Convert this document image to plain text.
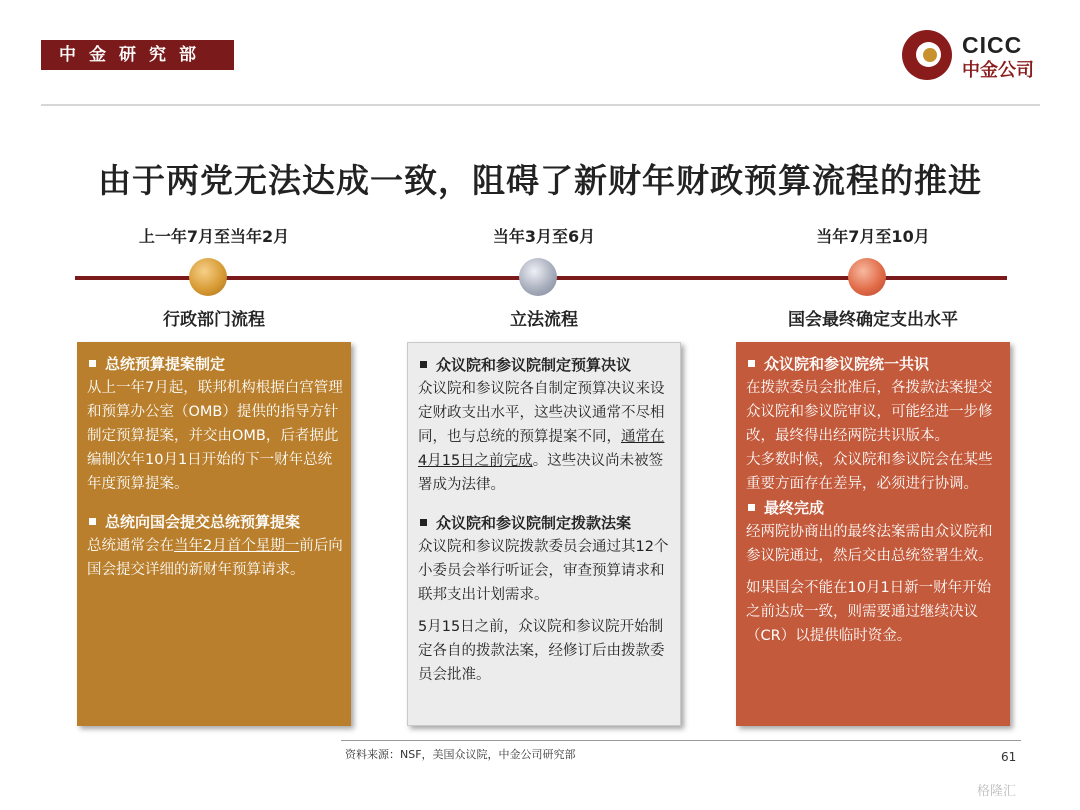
中金研究部	CICC
中金公司
由于两党无法达成一致，阻碍了新财年财政预算流程的推进
上一年7月至当年2月	当年3月至6月	当年7月至10月
行政部门流程	立法流程	国会最终确定支出水平
总统预算提案制定

从上一年7月起，联邦机构根据白宫管理和预算办公室（OMB）提供的指导方针制定预算提案，并交由OMB，后者据此编制次年10月1日开始的下一财年总统年度预算提案。

总统向国会提交总统预算提案

总统通常会在当年2月首个星期一前后向国会提交详细的新财年预算请求。

众议院和参议院制定预算决议

众议院和参议院各自制定预算决议来设定财政支出水平，这些决议通常不尽相同，也与总统的预算提案不同，通常在4月15日之前完成。这些决议尚未被签署成为法律。

众议院和参议院制定拨款法案

众议院和参议院拨款委员会通过其12个小委员会举行听证会，审查预算请求和联邦支出计划需求。

5月15日之前，众议院和参议院开始制定各自的拨款法案，经修订后由拨款委员会批准。

众议院和参议院统一共识

在拨款委员会批准后，各拨款法案提交众议院和参议院审议，可能经进一步修改，最终得出经两院共识版本。

大多数时候，众议院和参议院会在某些重要方面存在差异，必须进行协调。

最终完成

经两院协商出的最终法案需由众议院和参议院通过，然后交由总统签署生效。

如果国会不能在10月1日新一财年开始之前达成一致，则需要通过继续决议（CR）以提供临时资金。

资料来源：NSF，美国众议院，中金公司研究部	61
格隆汇
